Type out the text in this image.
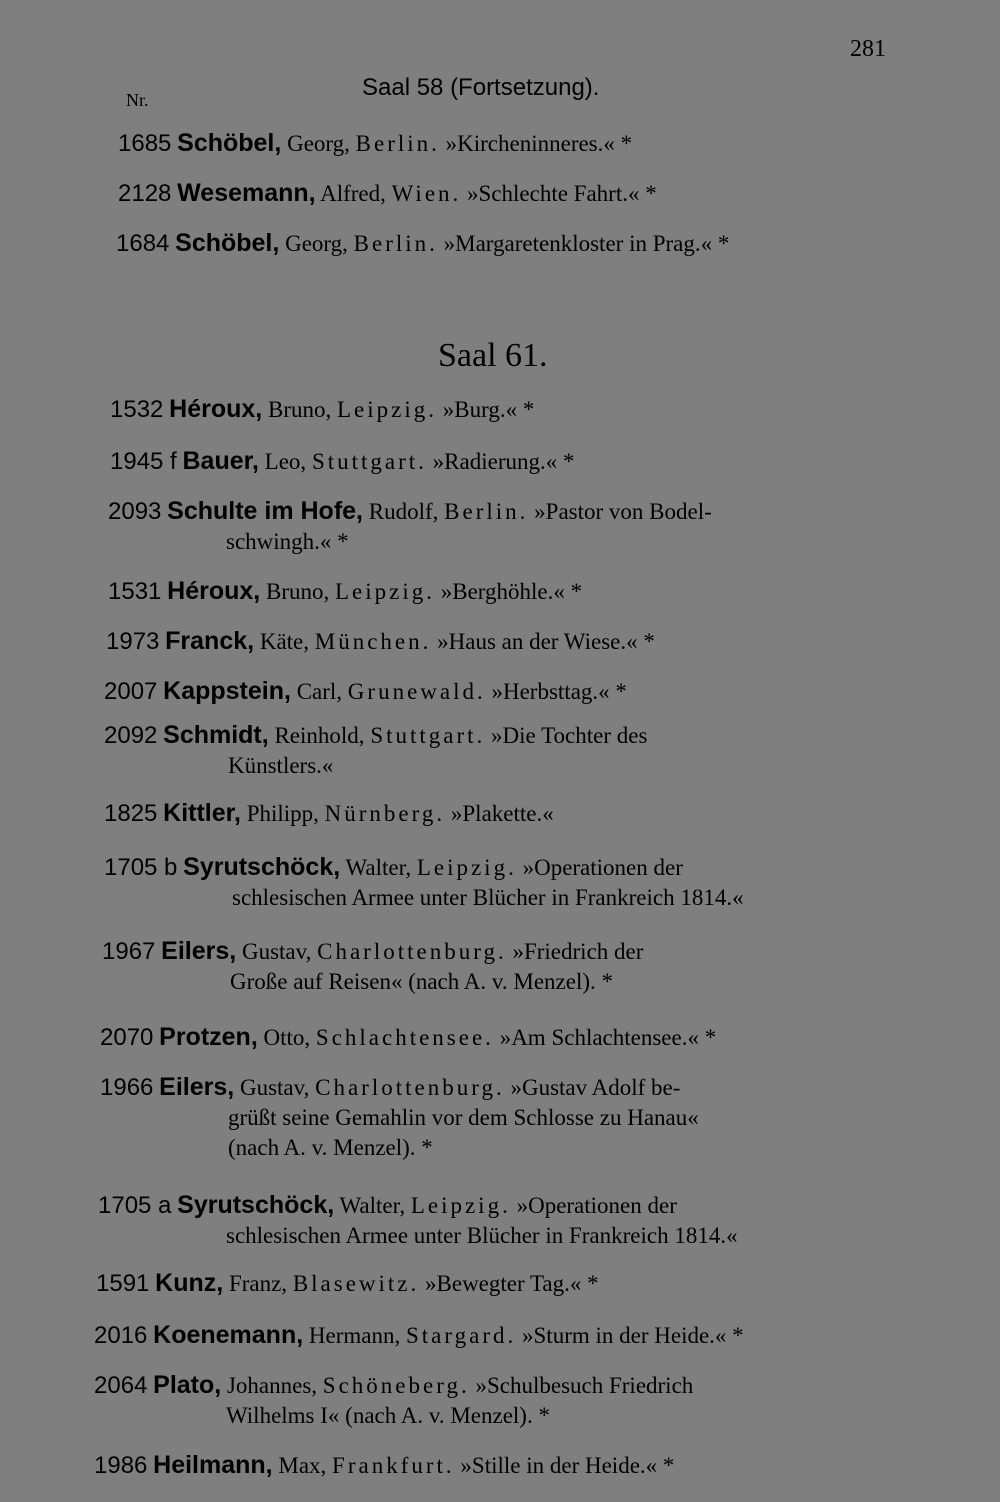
281
Nr.	Saal 58 (Fortsetzung).
1685 Schöbel, Georg, Berlin. »Kircheninneres.« *
2128 Wesemann, Alfred, Wien. »Schlechte Fahrt.« *
1684 Schöbel, Georg, Berlin. »Margaretenkloster in Prag.« *
Saal 61.
1532 Héroux, Bruno, Leipzig. »Burg.« *
1945 f Bauer, Leo, Stuttgart. »Radierung.« *
2093 Schulte im Hofe, Rudolf, Berlin. »Pastor von Bodel-
schwingh.« *
1531 Héroux, Bruno, Leipzig. »Berghöhle.« *
1973 Franck, Käte, München. »Haus an der Wiese.« *
2007 Kappstein, Carl, Grunewald. »Herbsttag.« *
2092 Schmidt, Reinhold, Stuttgart. »Die Tochter des
Künstlers.«
1825 Kittler, Philipp, Nürnberg. »Plakette.«
1705 b Syrutschöck, Walter, Leipzig. »Operationen der
schlesischen Armee unter Blücher in Frankreich 1814.«
1967 Eilers, Gustav, Charlottenburg. »Friedrich der
Große auf Reisen« (nach A. v. Menzel). *
2070 Protzen, Otto, Schlachtensee. »Am Schlachtensee.« *
1966 Eilers, Gustav, Charlottenburg. »Gustav Adolf be-
grüßt seine Gemahlin vor dem Schlosse zu Hanau«
(nach A. v. Menzel). *
1705 a Syrutschöck, Walter, Leipzig. »Operationen der
schlesischen Armee unter Blücher in Frankreich 1814.«
1591 Kunz, Franz, Blasewitz. »Bewegter Tag.« *
2016 Koenemann, Hermann, Stargard. »Sturm in der Heide.« *
2064 Plato, Johannes, Schöneberg. »Schulbesuch Friedrich
Wilhelms I« (nach A. v. Menzel). *
1986 Heilmann, Max, Frankfurt. »Stille in der Heide.« *
